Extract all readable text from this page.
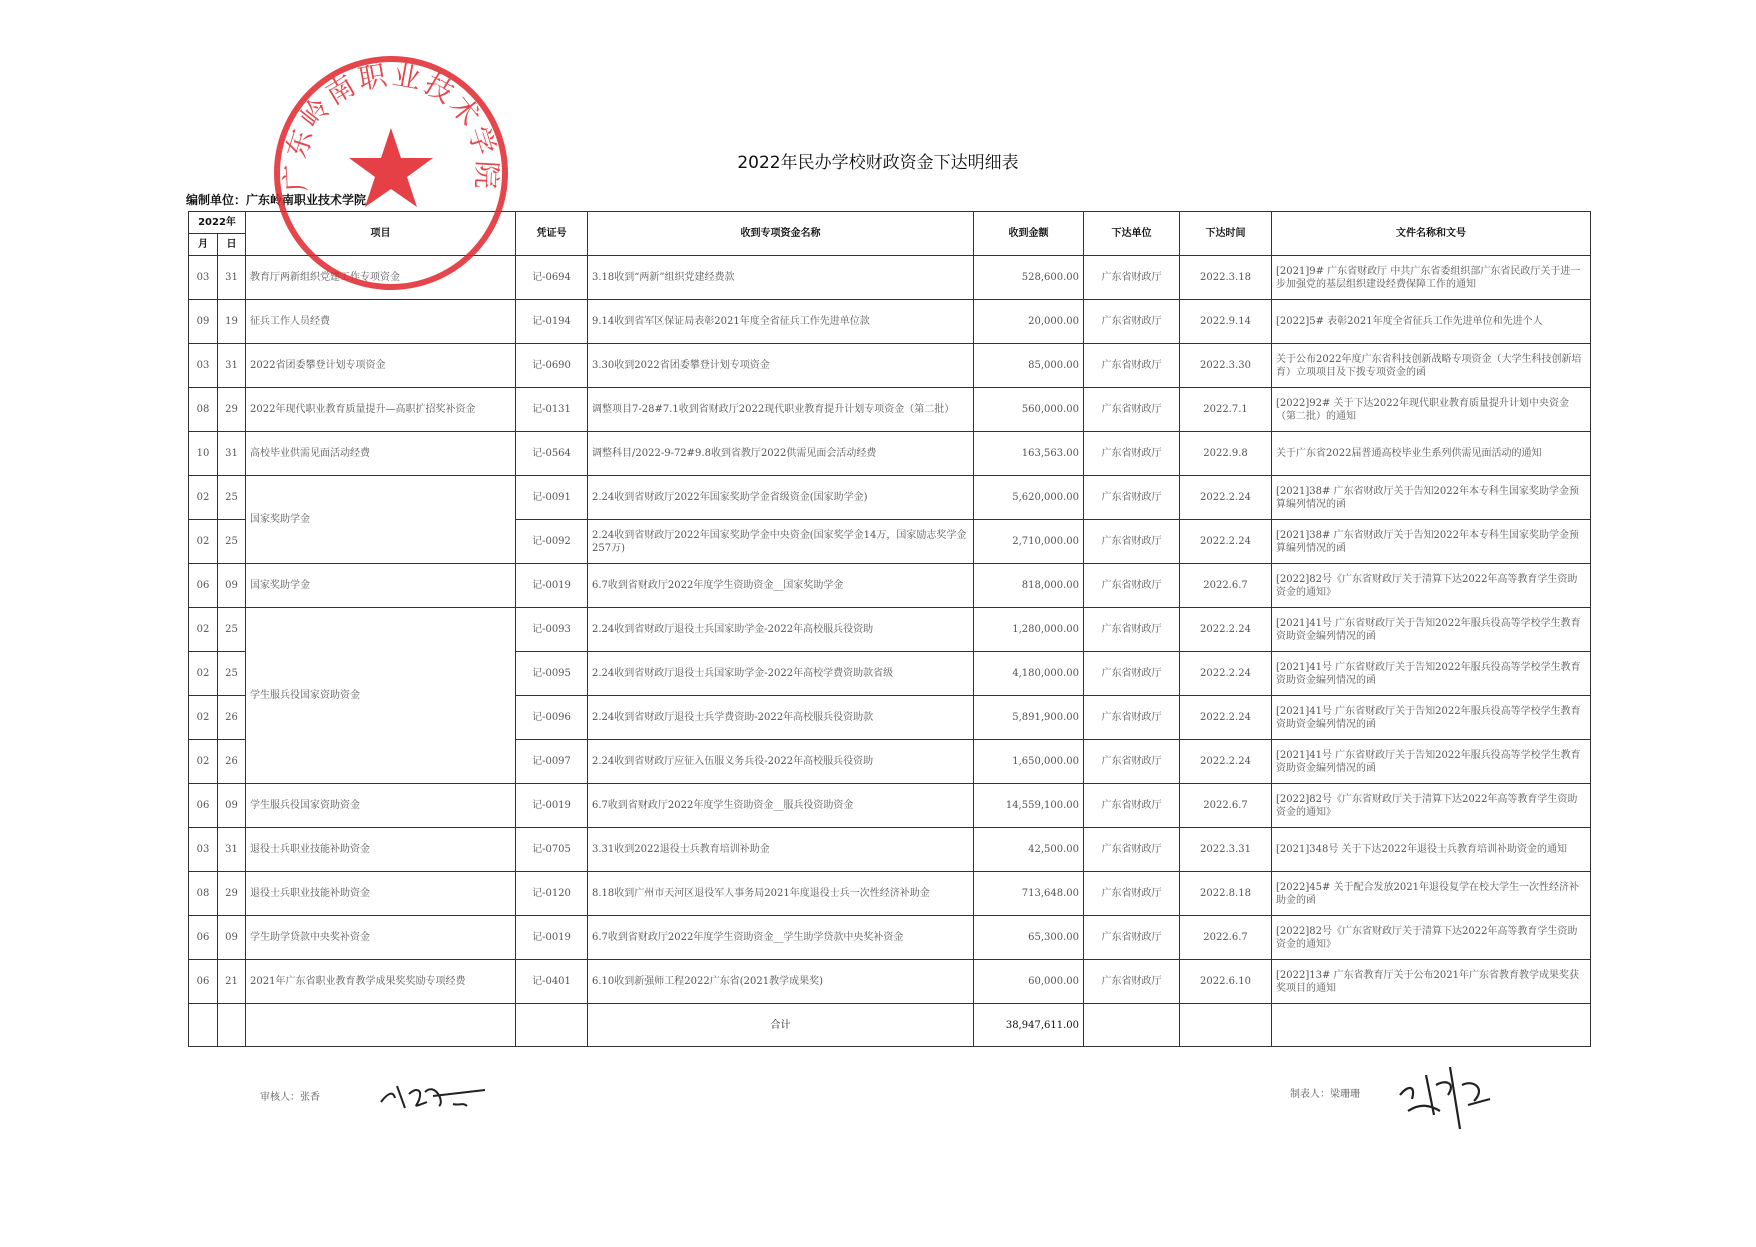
2022年民办学校财政资金下达明细表
编制单位：广东岭南职业技术学院
2022年		项目	凭证号	收到专项资金名称	收到金额	下达单位	下达时间	文件名称和文号
月	日							
03	31	教育厅两新组织党建工作专项资金	记-0694	3.18收到“两新”组织党建经费款	528,600.00	广东省财政厅	2022.3.18	[2021]9# 广东省财政厅 中共广东省委组织部广东省民政厅关于进一步加强党的基层组织建设经费保障工作的通知
09	19	征兵工作人员经费	记-0194	9.14收到省军区保证局表彰2021年度全省征兵工作先进单位款	20,000.00	广东省财政厅	2022.9.14	[2022]5# 表彰2021年度全省征兵工作先进单位和先进个人
03	31	2022省团委攀登计划专项资金	记-0690	3.30收到2022省团委攀登计划专项资金	85,000.00	广东省财政厅	2022.3.30	关于公布2022年度广东省科技创新战略专项资金（大学生科技创新培育）立项项目及下拨专项资金的函
08	29	2022年现代职业教育质量提升—高职扩招奖补资金	记-0131	调整项目7-28#7.1收到省财政厅2022现代职业教育提升计划专项资金（第二批）	560,000.00	广东省财政厅	2022.7.1	[2022]92# 关于下达2022年现代职业教育质量提升计划中央资金（第二批）的通知
10	31	高校毕业供需见面活动经费	记-0564	调整科目/2022-9-72#9.8收到省教厅2022供需见面会活动经费	163,563.00	广东省财政厅	2022.9.8	关于广东省2022届普通高校毕业生系列供需见面活动的通知
02	25	国家奖助学金	记-0091	2.24收到省财政厅2022年国家奖助学金省级资金(国家助学金)	5,620,000.00	广东省财政厅	2022.2.24	[2021]38# 广东省财政厅关于告知2022年本专科生国家奖助学金预算编列情况的函
02	25		记-0092	2.24收到省财政厅2022年国家奖助学金中央资金(国家奖学金14万，国家励志奖学金257万)	2,710,000.00	广东省财政厅	2022.2.24	[2021]38# 广东省财政厅关于告知2022年本专科生国家奖助学金预算编列情况的函
06	09	国家奖助学金	记-0019	6.7收到省财政厅2022年度学生资助资金__国家奖助学金	818,000.00	广东省财政厅	2022.6.7	[2022]82号《广东省财政厅关于清算下达2022年高等教育学生资助资金的通知》
02	25	学生服兵役国家资助资金	记-0093	2.24收到省财政厅退役士兵国家助学金-2022年高校服兵役资助	1,280,000.00	广东省财政厅	2022.2.24	[2021]41号 广东省财政厅关于告知2022年服兵役高等学校学生教育资助资金编列情况的函
02	25		记-0095	2.24收到省财政厅退役士兵国家助学金-2022年高校学费资助款省级	4,180,000.00	广东省财政厅	2022.2.24	[2021]41号 广东省财政厅关于告知2022年服兵役高等学校学生教育资助资金编列情况的函
02	26		记-0096	2.24收到省财政厅退役士兵学费资助-2022年高校服兵役资助款	5,891,900.00	广东省财政厅	2022.2.24	[2021]41号 广东省财政厅关于告知2022年服兵役高等学校学生教育资助资金编列情况的函
02	26		记-0097	2.24收到省财政厅应征入伍服义务兵役-2022年高校服兵役资助	1,650,000.00	广东省财政厅	2022.2.24	[2021]41号 广东省财政厅关于告知2022年服兵役高等学校学生教育资助资金编列情况的函
06	09	学生服兵役国家资助资金	记-0019	6.7收到省财政厅2022年度学生资助资金__服兵役资助资金	14,559,100.00	广东省财政厅	2022.6.7	[2022]82号《广东省财政厅关于清算下达2022年高等教育学生资助资金的通知》
03	31	退役士兵职业技能补助资金	记-0705	3.31收到2022退役士兵教育培训补助金	42,500.00	广东省财政厅	2022.3.31	[2021]348号 关于下达2022年退役士兵教育培训补助资金的通知
08	29	退役士兵职业技能补助资金	记-0120	8.18收到广州市天河区退役军人事务局2021年度退役士兵一次性经济补助金	713,648.00	广东省财政厅	2022.8.18	[2022]45# 关于配合发放2021年退役复学在校大学生一次性经济补助金的函
06	09	学生助学贷款中央奖补资金	记-0019	6.7收到省财政厅2022年度学生资助资金__学生助学贷款中央奖补资金	65,300.00	广东省财政厅	2022.6.7	[2022]82号《广东省财政厅关于清算下达2022年高等教育学生资助资金的通知》
06	21	2021年广东省职业教育教学成果奖奖励专项经费	记-0401	6.10收到新强师工程2022广东省(2021教学成果奖)	60,000.00	广东省财政厅	2022.6.10	[2022]13# 广东省教育厅关于公布2021年广东省教育教学成果奖获奖项目的通知
				合计	38,947,611.00			
审核人：张香	制表人：梁珊珊
广东岭南职业技术学院
